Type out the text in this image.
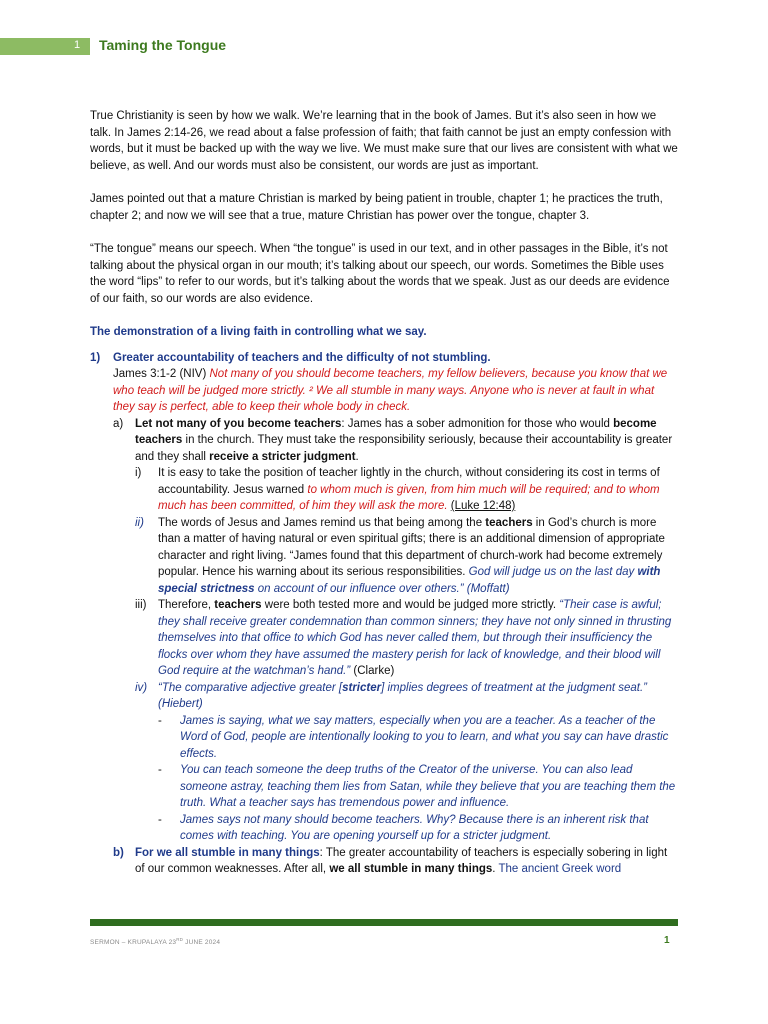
1 Taming the Tongue

True Christianity is seen by how we walk. We’re learning that in the book of James. But it’s also seen in how we talk. In James 2:14-26, we read about a false profession of faith; that faith cannot be just an empty confession with words, but it must be backed up with the way we live. We must make sure that our lives are consistent with what we believe, as well. And our words must also be consistent, our words are just as important.

James pointed out that a mature Christian is marked by being patient in trouble, chapter 1; he practices the truth, chapter 2; and now we will see that a true, mature Christian has power over the tongue, chapter 3.

“The tongue” means our speech. When “the tongue” is used in our text, and in other passages in the Bible, it’s not talking about the physical organ in our mouth; it’s talking about our speech, our words. Sometimes the Bible uses the word “lips” to refer to our words, but it’s talking about the words that we speak. Just as our deeds are evidence of our faith, so our words are also evidence.

The demonstration of a living faith in controlling what we say.

1)	Greater accountability of teachers and the difficulty of not stumbling.

James 3:1-2 (NIV) Not many of you should become teachers, my fellow believers, because you know that we who teach will be judged more strictly. ² We all stumble in many ways. Anyone who is never at fault in what they say is perfect, able to keep their whole body in check.

a)	Let not many of you become teachers: James has a sober admonition for those who would become teachers in the church. They must take the responsibility seriously, because their accountability is greater and they shall receive a stricter judgment.

i)	It is easy to take the position of teacher lightly in the church, without considering its cost in terms of accountability. Jesus warned to whom much is given, from him much will be required; and to whom much has been committed, of him they will ask the more. (Luke 12:48)

ii)	The words of Jesus and James remind us that being among the teachers in God’s church is more than a matter of having natural or even spiritual gifts; there is an additional dimension of appropriate character and right living. “James found that this department of church-work had become extremely popular. Hence his warning about its serious responsibilities. God will judge us on the last day with special strictness on account of our influence over others.” (Moffatt)

iii)	Therefore, teachers were both tested more and would be judged more strictly. “Their case is awful; they shall receive greater condemnation than common sinners; they have not only sinned in thrusting themselves into that office to which God has never called them, but through their insufficiency the flocks over whom they have assumed the mastery perish for lack of knowledge, and their blood will God require at the watchman’s hand.” (Clarke)

iv) “The comparative adjective greater [stricter] implies degrees of treatment at the judgment seat.” (Hiebert)

-	James is saying, what we say matters, especially when you are a teacher. As a teacher of the Word of God, people are intentionally looking to you to learn, and what you say can have drastic effects.

-	You can teach someone the deep truths of the Creator of the universe. You can also lead someone astray, teaching them lies from Satan, while they believe that you are teaching them the truth. What a teacher says has tremendous power and influence.

-	James says not many should become teachers. Why? Because there is an inherent risk that comes with teaching. You are opening yourself up for a stricter judgment.

b) For we all stumble in many things: The greater accountability of teachers is especially sobering in light of our common weaknesses. After all, we all stumble in many things. The ancient Greek word

SERMON – KRUPALAYA 23RD JUNE 2024	1
